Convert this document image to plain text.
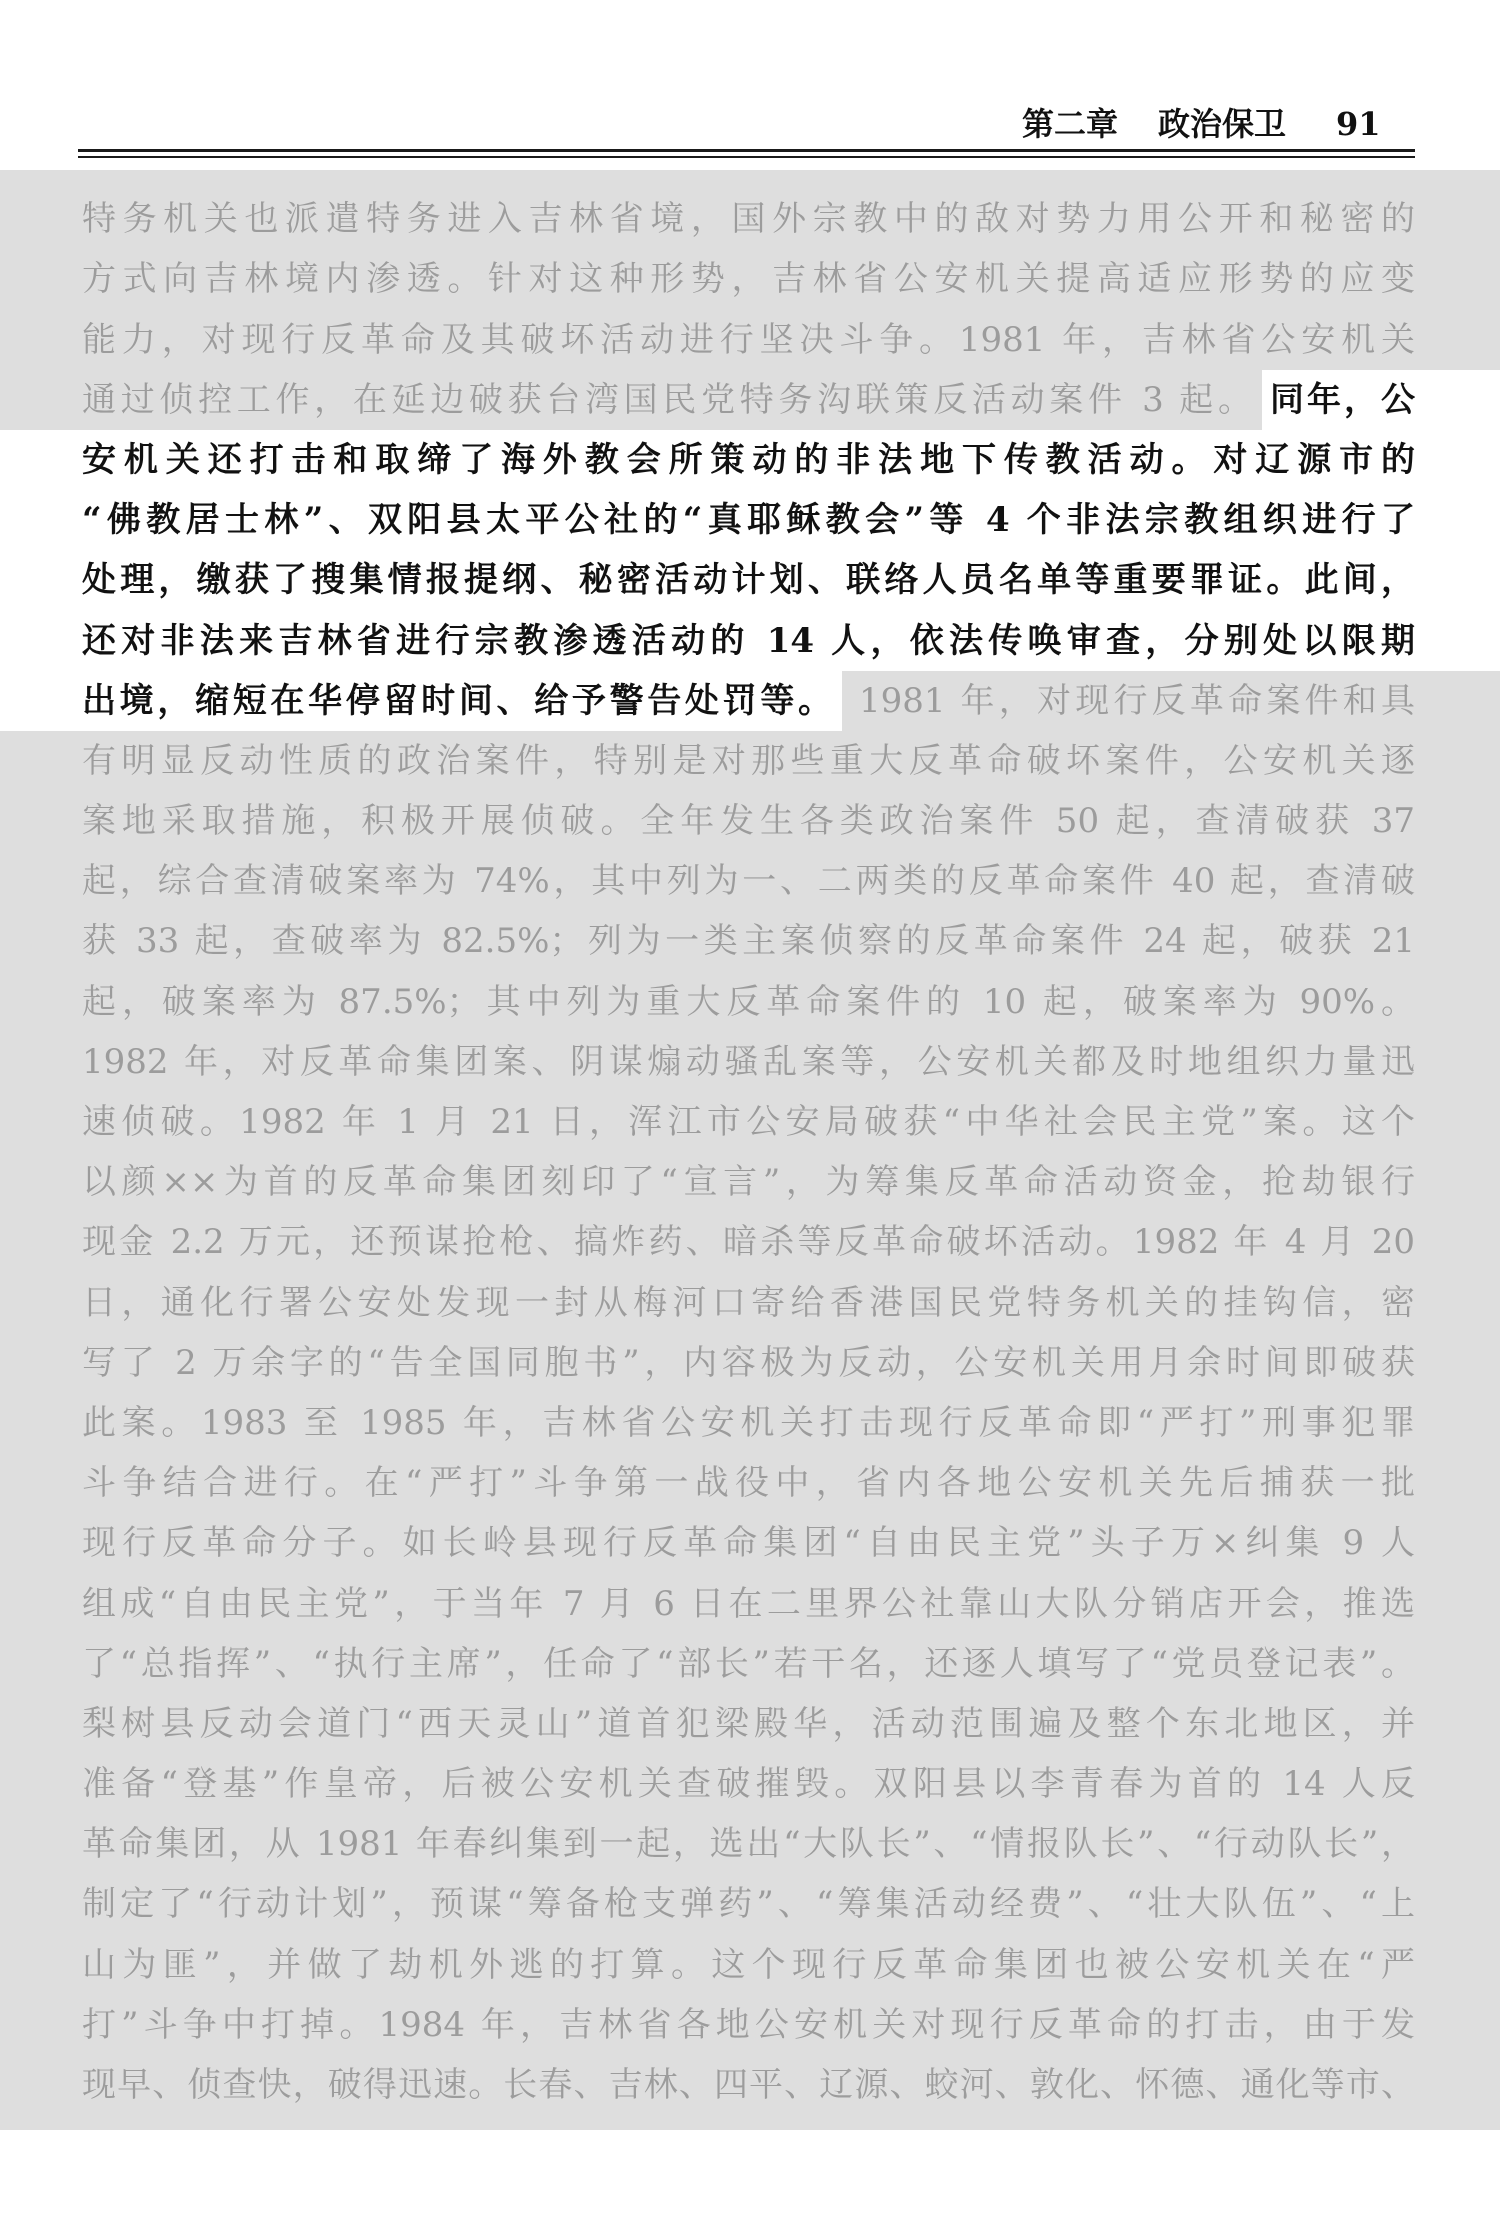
第二章 政治保卫 91
特务机关也派遣特务进入吉林省境，国外宗教中的敌对势力用公开和秘密的
方式向吉林境内渗透。针对这种形势，吉林省公安机关提高适应形势的应变
能力，对现行反革命及其破坏活动进行坚决斗争。1981 年，吉林省公安机关
通过侦控工作，在延边破获台湾国民党特务沟联策反活动案件 3 起。 同年，公
安机关还打击和取缔了海外教会所策动的非法地下传教活动。对辽源市的
“佛教居士林”、双阳县太平公社的“真耶稣教会”等 4 个非法宗教组织进行了
处理，缴获了搜集情报提纲、秘密活动计划、联络人员名单等重要罪证。此间，
还对非法来吉林省进行宗教渗透活动的 14 人，依法传唤审查，分别处以限期
出境，缩短在华停留时间、给予警告处罚等。 1981 年，对现行反革命案件和具
有明显反动性质的政治案件，特别是对那些重大反革命破坏案件，公安机关逐
案地采取措施，积极开展侦破。全年发生各类政治案件 50 起，查清破获 37
起，综合查清破案率为 74%，其中列为一、二两类的反革命案件 40 起，查清破
获 33 起，查破率为 82.5%；列为一类主案侦察的反革命案件 24 起，破获 21
起，破案率为 87.5%；其中列为重大反革命案件的 10 起，破案率为 90%。
1982 年，对反革命集团案、阴谋煽动骚乱案等，公安机关都及时地组织力量迅
速侦破。1982 年 1 月 21 日，浑江市公安局破获“中华社会民主党”案。这个
以颜××为首的反革命集团刻印了“宣言”，为筹集反革命活动资金，抢劫银行
现金 2.2 万元，还预谋抢枪、搞炸药、暗杀等反革命破坏活动。1982 年 4 月 20
日，通化行署公安处发现一封从梅河口寄给香港国民党特务机关的挂钩信，密
写了 2 万余字的“告全国同胞书”，内容极为反动，公安机关用月余时间即破获
此案。1983 至 1985 年，吉林省公安机关打击现行反革命即“严打”刑事犯罪
斗争结合进行。在“严打”斗争第一战役中，省内各地公安机关先后捕获一批
现行反革命分子。如长岭县现行反革命集团“自由民主党”头子万×纠集 9 人
组成“自由民主党”，于当年 7 月 6 日在二里界公社靠山大队分销店开会，推选
了“总指挥”、“执行主席”，任命了“部长”若干名，还逐人填写了“党员登记表”。
梨树县反动会道门“西天灵山”道首犯梁殿华，活动范围遍及整个东北地区，并
准备“登基”作皇帝，后被公安机关查破摧毁。双阳县以李青春为首的 14 人反
革命集团，从 1981 年春纠集到一起，选出“大队长”、“情报队长”、“行动队长”，
制定了“行动计划”，预谋“筹备枪支弹药”、“筹集活动经费”、“壮大队伍”、“上
山为匪”，并做了劫机外逃的打算。这个现行反革命集团也被公安机关在“严
打”斗争中打掉。1984 年，吉林省各地公安机关对现行反革命的打击，由于发
现早、侦查快，破得迅速。长春、吉林、四平、辽源、蛟河、敦化、怀德、通化等市、
